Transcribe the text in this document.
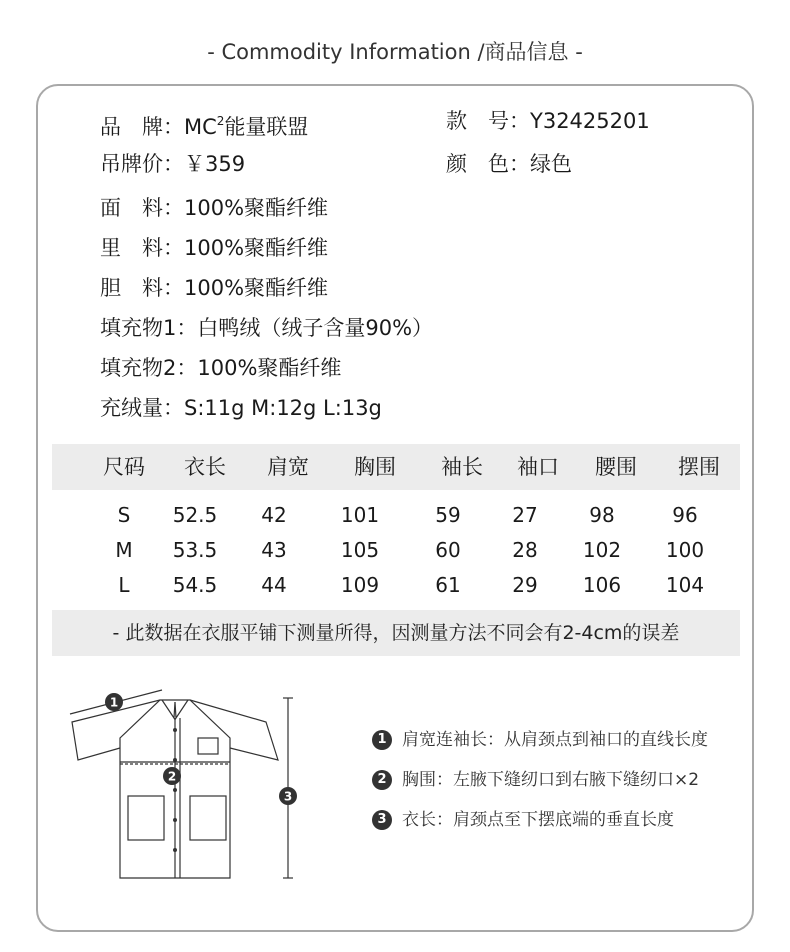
- Commodity Information /商品信息 -
品　牌：$MC^2$能量联盟	款　号：Y32425201
吊牌价：￥359	颜　色：绿色
面　料：100%聚酯纤维
里　料：100%聚酯纤维
胆　料：100%聚酯纤维
填充物1：白鸭绒（绒子含量90%）
填充物2：100%聚酯纤维
充绒量：S:11g M:12g L:13g
尺码	衣长	肩宽	胸围	袖长	袖口	腰围	摆围
S	52.5	42	101	59	27	98	96
M	53.5	43	105	60	28	102	100
L	54.5	44	109	61	29	106	104
- 此数据在衣服平铺下测量所得，因测量方法不同会有2-4cm的误差
1
2
3
1 肩宽连袖长：从肩颈点到袖口的直线长度
2 胸围：左腋下缝纫口到右腋下缝纫口×2
3 衣长：肩颈点至下摆底端的垂直长度
